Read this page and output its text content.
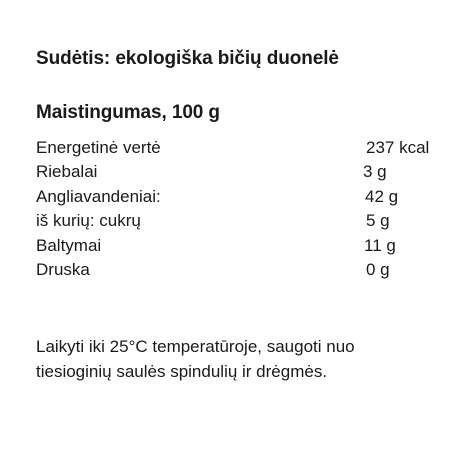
Sudėtis: ekologiška bičių duonelė
Maistingumas, 100 g
Energetinė vertė	237 kcal
Riebalai	3 g
Angliavandeniai:	42 g
iš kurių: cukrų	5 g
Baltymai	11 g
Druska	0 g
Laikyti iki 25°C temperatūroje, saugoti nuo
tiesioginių saulės spindulių ir drėgmės.
